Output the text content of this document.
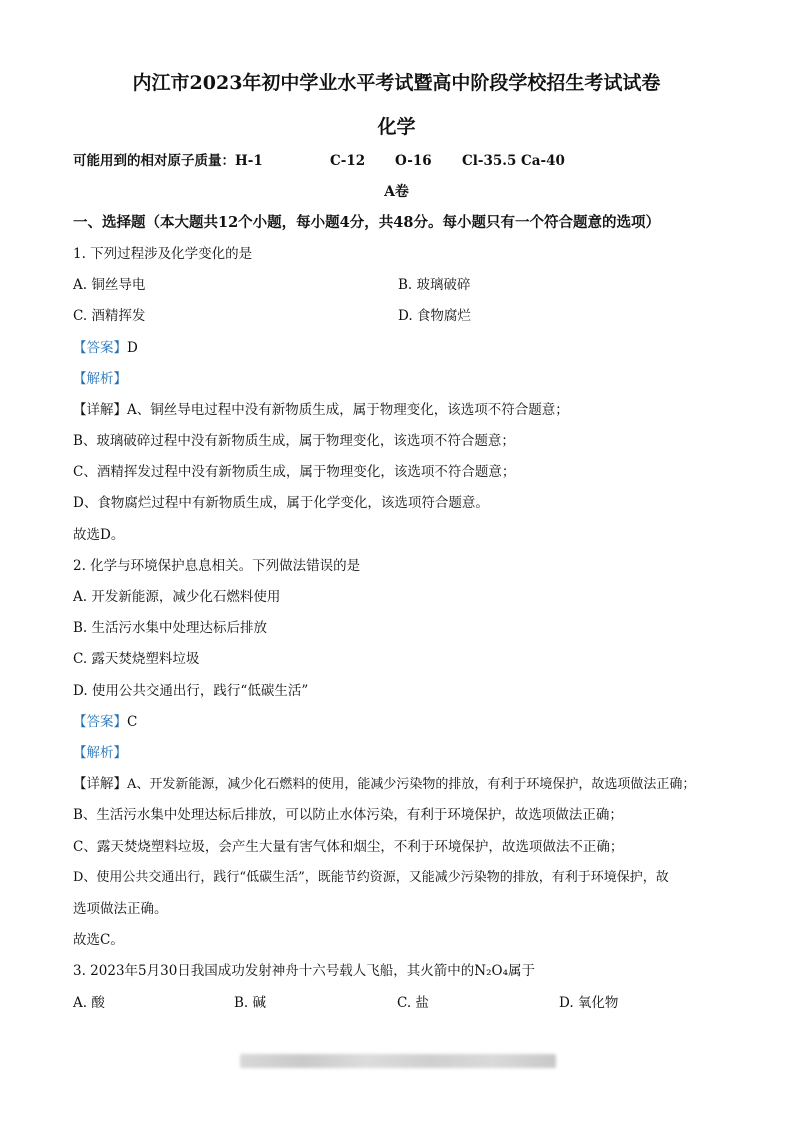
内江市2023年初中学业水平考试暨高中阶段学校招生考试试卷
化学
可能用到的相对原子质量：H-1	C-12 O-16 Cl-35.5 Ca-40
A卷
一、选择题（本大题共12个小题，每小题4分，共48分。每小题只有一个符合题意的选项）
1. 下列过程涉及化学变化的是
A. 铜丝导电	B. 玻璃破碎
C. 酒精挥发	D. 食物腐烂
【答案】D
【解析】
【详解】A、铜丝导电过程中没有新物质生成，属于物理变化，该选项不符合题意；
B、玻璃破碎过程中没有新物质生成，属于物理变化，该选项不符合题意；
C、酒精挥发过程中没有新物质生成，属于物理变化，该选项不符合题意；
D、食物腐烂过程中有新物质生成，属于化学变化，该选项符合题意。
故选D。
2. 化学与环境保护息息相关。下列做法错误的是
A. 开发新能源，减少化石燃料使用
B. 生活污水集中处理达标后排放
C. 露天焚烧塑料垃圾
D. 使用公共交通出行，践行“低碳生活”
【答案】C
【解析】
【详解】A、开发新能源，减少化石燃料的使用，能减少污染物的排放，有利于环境保护，故选项做法正确；
B、生活污水集中处理达标后排放，可以防止水体污染，有利于环境保护，故选项做法正确；
C、露天焚烧塑料垃圾，会产生大量有害气体和烟尘，不利于环境保护，故选项做法不正确；
D、使用公共交通出行，践行“低碳生活”，既能节约资源，又能减少污染物的排放，有利于环境保护，故
选项做法正确。
故选C。
3. 2023年5月30日我国成功发射神舟十六号载人飞船，其火箭中的N₂O₄属于
A. 酸	B. 碱	C. 盐	D. 氧化物
